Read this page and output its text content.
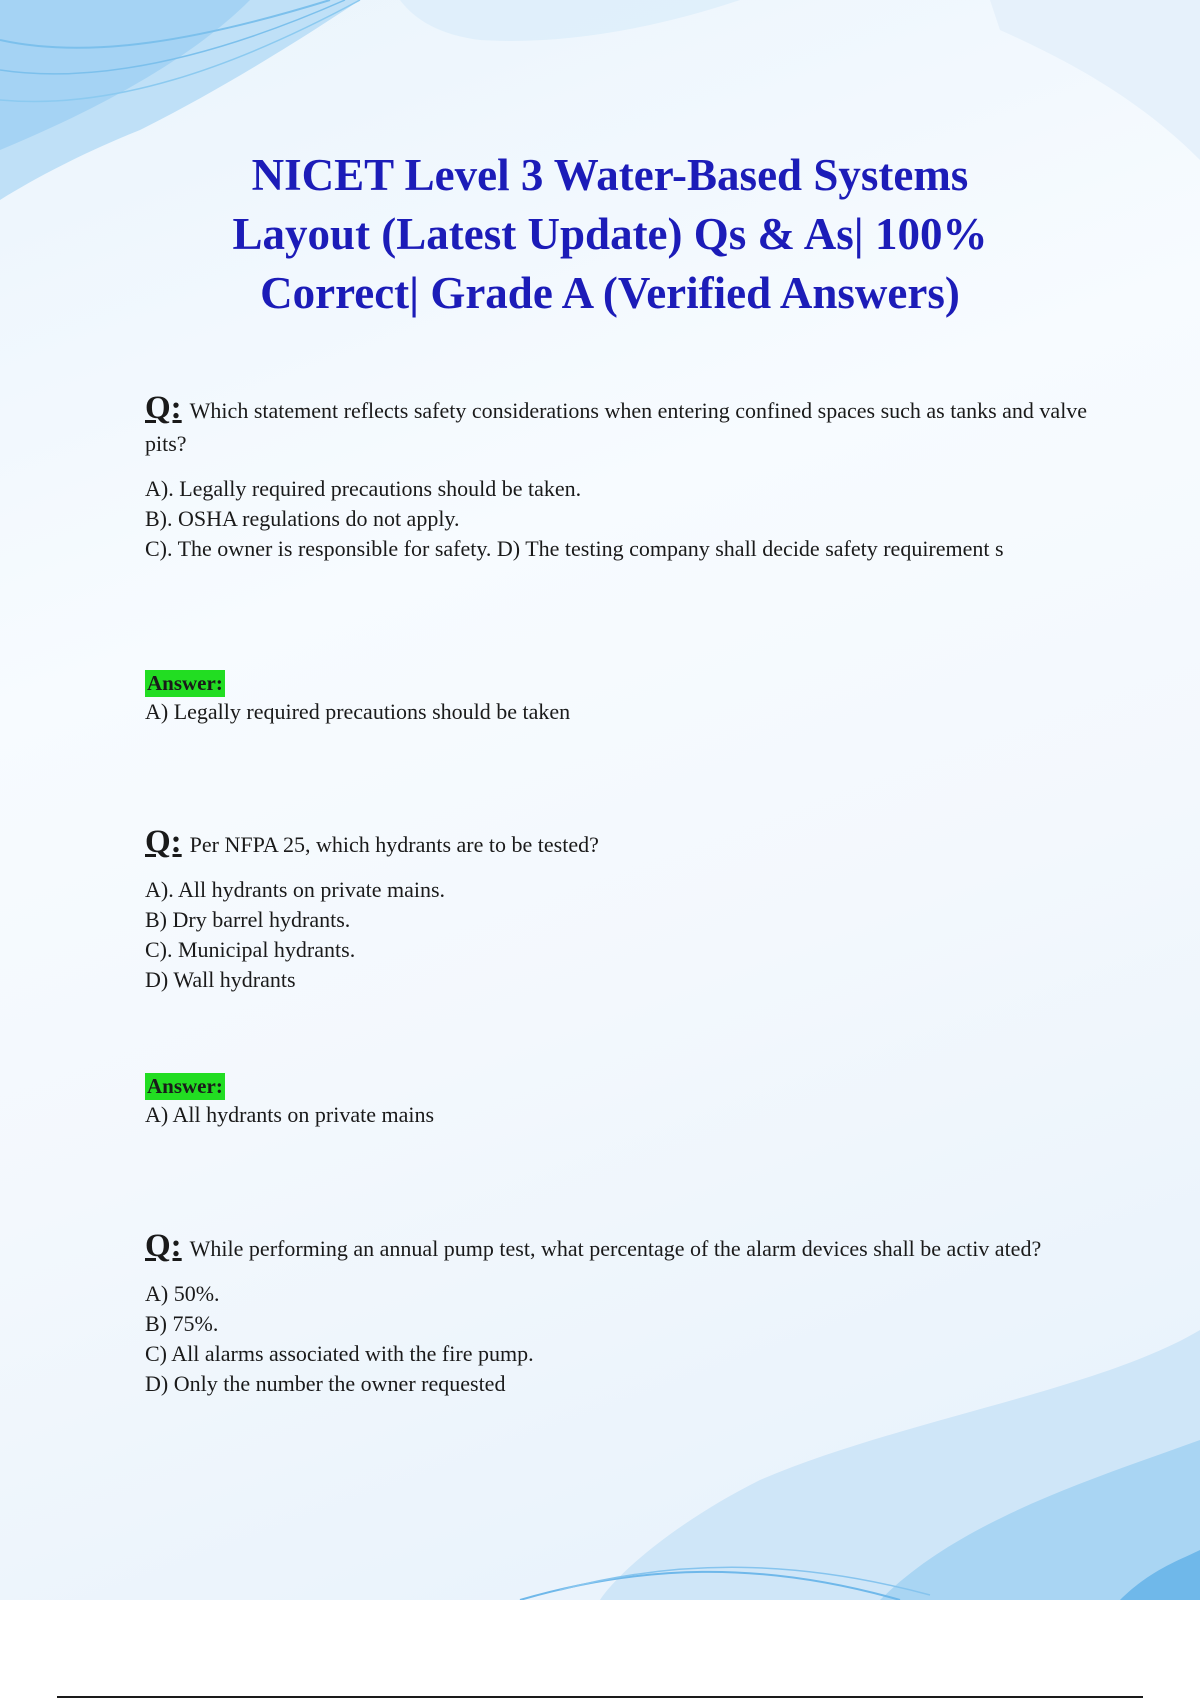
NICET Level 3 Water-Based Systems
Layout (Latest Update) Qs & As| 100%
Correct| Grade A (Verified Answers)
Q: Which statement reflects safety considerations when entering confined spaces such as tanks and valve pits?
A). Legally required precautions should be taken.
B). OSHA regulations do not apply.
C). The owner is responsible for safety. D) The testing company shall decide safety requirement s
Answer:
A) Legally required precautions should be taken
Q: Per NFPA 25, which hydrants are to be tested?
A). All hydrants on private mains.
B) Dry barrel hydrants.
C). Municipal hydrants.
D) Wall hydrants
Answer:
A) All hydrants on private mains
Q: While performing an annual pump test, what percentage of the alarm devices shall be activ ated?
A) 50%.
B) 75%.
C) All alarms associated with the fire pump.
D) Only the number the owner requested
